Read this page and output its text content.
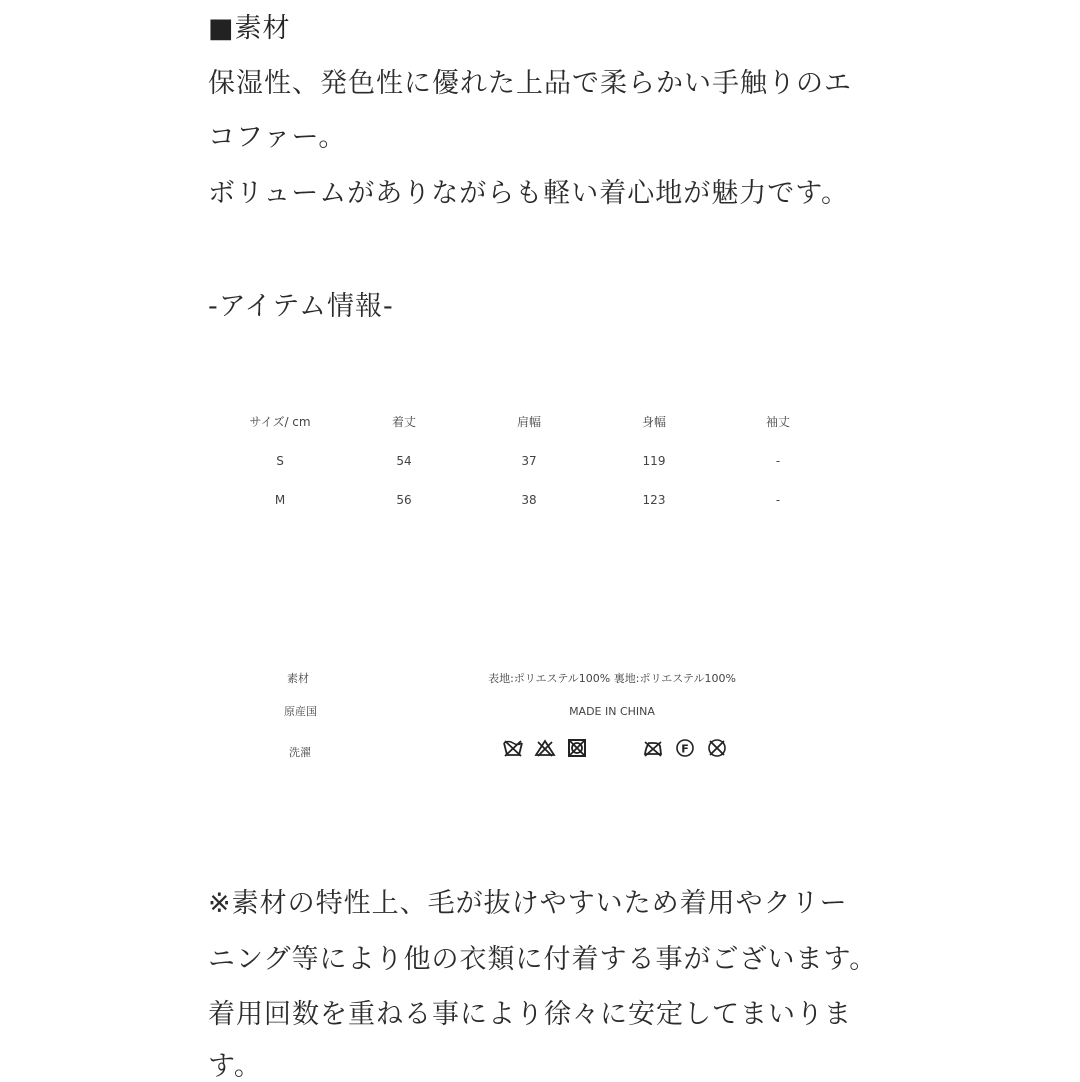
■素材
保湿性、発色性に優れた上品で柔らかい手触りのエ
コファー。
ボリュームがありながらも軽い着心地が魅力です。
-アイテム情報-
サイズ/ cm	着丈	肩幅	身幅	袖丈
S	54	37	119	-
M	56	38	123	-
素材	表地:ポリエステル100% 裏地:ポリエステル100%
原産国	MADE IN CHINA
洗濯	F
※素材の特性上、毛が抜けやすいため着用やクリー
ニング等により他の衣類に付着する事がございます。
着用回数を重ねる事により徐々に安定してまいりま
す。
